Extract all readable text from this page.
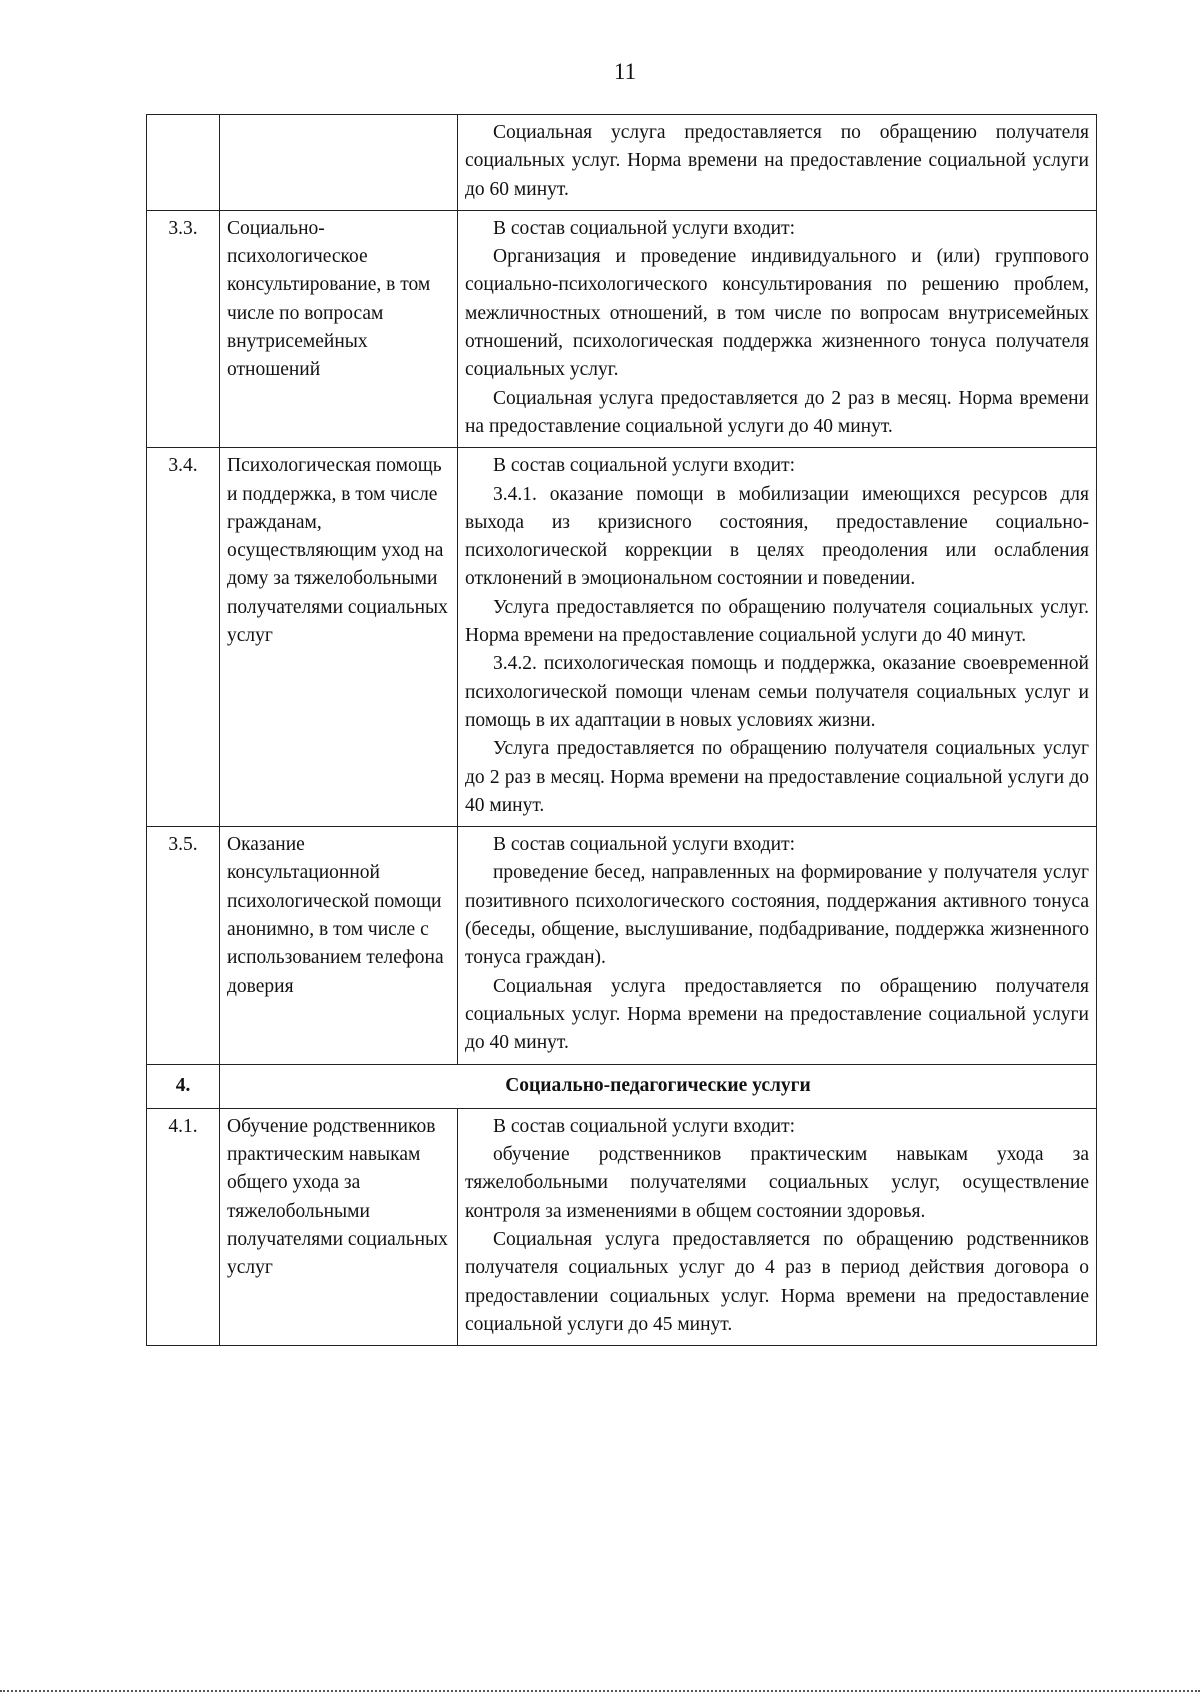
11

		Социальная услуга предоставляется по обращению получателя социальных услуг. Норма времени на предоставление социальной услуги до 60 минут.

3.3.	Социально-психологическое консультирование, в том числе по вопросам внутрисемейных отношений	В состав социальной услуги входит:

Организация и проведение индивидуального и (или) группового социально-психологического консультирования по решению проблем, межличностных отношений, в том числе по вопросам внутрисемейных отношений, психологическая поддержка жизненного тонуса получателя социальных услуг.

Социальная услуга предоставляется до 2 раз в месяц. Норма времени на предоставление социальной услуги до 40 минут.

3.4.	Психологическая помощь и поддержка, в том числе гражданам, осуществляющим уход на дому за тяжелобольными получателями социальных услуг	В состав социальной услуги входит:

3.4.1. оказание помощи в мобилизации имеющихся ресурсов для выхода из кризисного состояния, предоставление социально-психологической коррекции в целях преодоления или ослабления отклонений в эмоциональном состоянии и поведении.

Услуга предоставляется по обращению получателя социальных услуг. Норма времени на предоставление социальной услуги до 40 минут.

3.4.2. психологическая помощь и поддержка, оказание своевременной психологической помощи членам семьи получателя социальных услуг и помощь в их адаптации в новых условиях жизни.

Услуга предоставляется по обращению получателя социальных услуг до 2 раз в месяц. Норма времени на предоставление социальной услуги до 40 минут.

3.5.	Оказание консультационной психологической помощи анонимно, в том числе с использованием телефона доверия	В состав социальной услуги входит:

проведение бесед, направленных на формирование у получателя услуг позитивного психологического состояния, поддержания активного тонуса (беседы, общение, выслушивание, подбадривание, поддержка жизненного тонуса граждан).

Социальная услуга предоставляется по обращению получателя социальных услуг. Норма времени на предоставление социальной услуги до 40 минут.

4.	Социально-педагогические услуги	
4.1.	Обучение родственников практическим навыкам общего ухода за тяжелобольными получателями социальных услуг	В состав социальной услуги входит:

обучение родственников практическим навыкам ухода за тяжелобольными получателями социальных услуг, осуществление контроля за изменениями в общем состоянии здоровья.

Социальная услуга предоставляется по обращению родственников получателя социальных услуг до 4 раз в период действия договора о предоставлении социальных услуг. Норма времени на предоставление социальной услуги до 45 минут.
